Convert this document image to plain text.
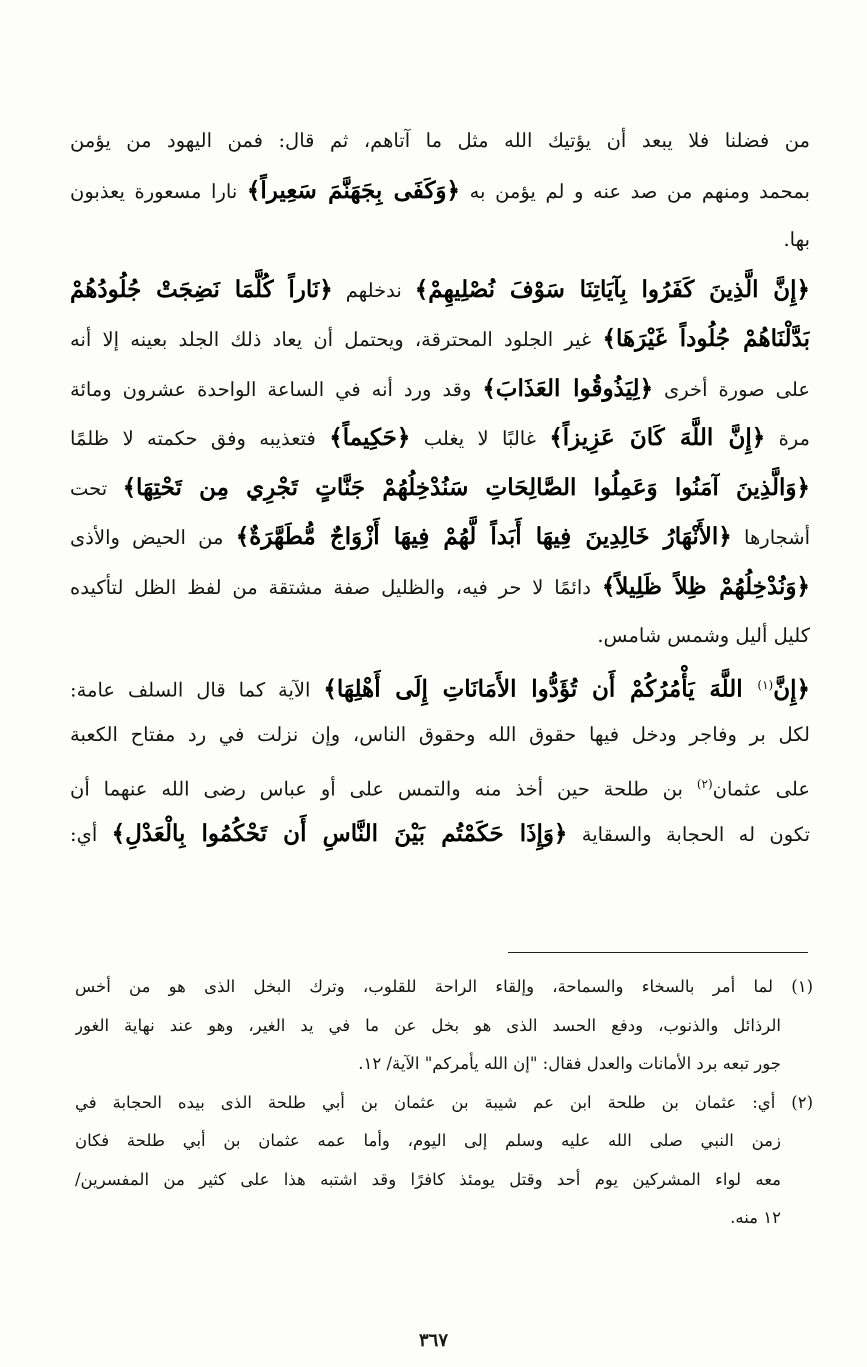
من فضلنا فلا يبعد أن يؤتيك الله مثل ما آتاهم، ثم قال: فمن اليهود من يؤمن
بمحمد ومنهم من صد عنه و لم يؤمن به ﴿وَكَفَى بِجَهَنَّمَ سَعِيراً﴾ نارا مسعورة يعذبون
بها.
﴿إِنَّ الَّذِينَ كَفَرُوا بِآيَاتِنَا سَوْفَ نُصْلِيهِمْ﴾ ندخلهم ﴿نَاراً كُلَّمَا نَضِجَتْ جُلُودُهُمْ
بَدَّلْنَاهُمْ جُلُوداً غَيْرَهَا﴾ غير الجلود المحترقة، ويحتمل أن يعاد ذلك الجلد بعينه إلا أنه
على صورة أخرى ﴿لِيَذُوقُوا العَذَابَ﴾ وقد ورد أنه في الساعة الواحدة عشرون ومائة
مرة ﴿إِنَّ اللَّهَ كَانَ عَزِيزاً﴾ غالبًا لا يغلب ﴿حَكِيماً﴾ فتعذيبه وفق حكمته لا ظلمًا
﴿وَالَّذِينَ آمَنُوا وَعَمِلُوا الصَّالِحَاتِ سَنُدْخِلُهُمْ جَنَّاتٍ تَجْرِي مِن تَحْتِهَا﴾ تحت
أشجارها ﴿الأَنْهَارُ خَالِدِينَ فِيهَا أَبَداً لَّهُمْ فِيهَا أَزْوَاجٌ مُّطَهَّرَةٌ﴾ من الحيض والأذى
﴿وَنُدْخِلُهُمْ ظِلاً ظَلِيلاً﴾ دائمًا لا حر فيه، والظليل صفة مشتقة من لفظ الظل لتأكيده
كليل أليل وشمس شامس.
﴿إِنَّ$^{(١)}$ اللَّهَ يَأْمُرُكُمْ أَن تُؤَدُّوا الأَمَانَاتِ إِلَى أَهْلِهَا﴾ الآية كما قال السلف عامة:
لكل بر وفاجر ودخل فيها حقوق الله وحقوق الناس، وإن نزلت في رد مفتاح الكعبة
على عثمان$^{(٢)}$ بن طلحة حين أخذ منه والتمس على أو عباس رضى الله عنهما أن
تكون له الحجابة والسقاية ﴿وَإِذَا حَكَمْتُم بَيْنَ النَّاسِ أَن تَحْكُمُوا بِالْعَدْلِ﴾ أي:
(١) لما أمر بالسخاء والسماحة، وإلقاء الراحة للقلوب، وترك البخل الذى هو من أخس
الرذائل والذنوب، ودفع الحسد الذى هو بخل عن ما في يد الغير، وهو عند نهاية الغور
جور تبعه برد الأمانات والعدل فقال: "إن الله يأمركم" الآية/ ١٢.
(٢) أي: عثمان بن طلحة ابن عم شيبة بن عثمان بن أبي طلحة الذى بيده الحجابة في
زمن النبي صلى الله عليه وسلم إلى اليوم، وأما عمه عثمان بن أبي طلحة فكان
معه لواء المشركين يوم أحد وقتل يومئذ كافرًا وقد اشتبه هذا على كثير من المفسرين/
١٢ منه.
٣٦٧
